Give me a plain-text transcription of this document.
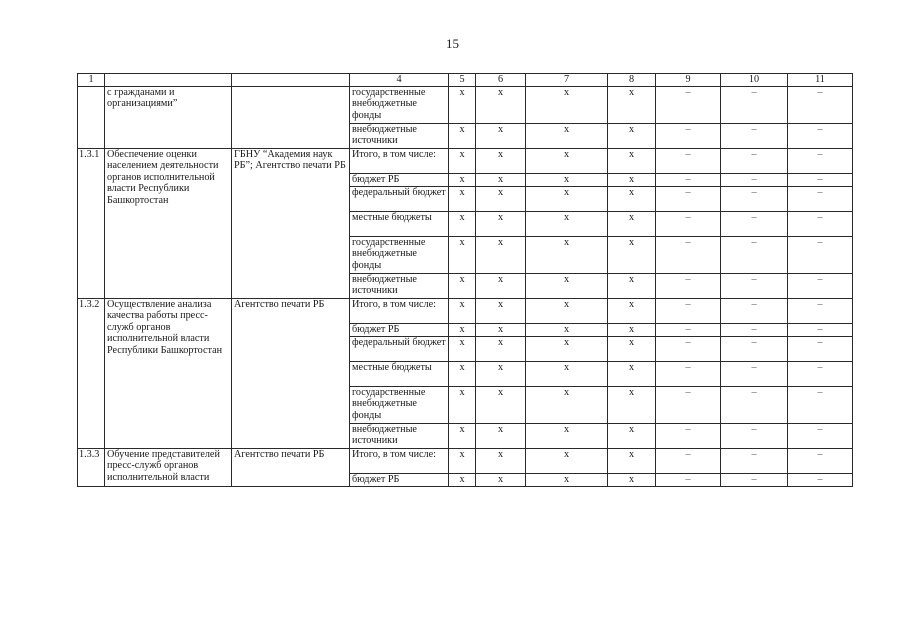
15
1			4	5	6	7	8	9	10	11
	с гражданами и организациями”		государственные внебюджетные фонды	x	x	x	x	–	–	–
			внебюджетные источники	x	x	x	x	–	–	–
1.3.1	Обеспечение оценки населением деятельности органов исполнительной власти Республики Башкортостан	ГБНУ “Академия наук РБ”; Агентство печати РБ	Итого, в том числе:	x	x	x	x	–	–	–
			бюджет РБ	x	x	x	x	–	–	–
			федеральный бюджет	x	x	x	x	–	–	–
			местные бюджеты	x	x	x	x	–	–	–
			государственные внебюджетные фонды	x	x	x	x	–	–	–
			внебюджетные источники	x	x	x	x	–	–	–
1.3.2	Осуществление анализа качества работы пресс-служб органов исполнительной власти Республики Башкортостан	Агентство печати РБ	Итого, в том числе:	x	x	x	x	–	–	–
			бюджет РБ	x	x	x	x	–	–	–
			федеральный бюджет	x	x	x	x	–	–	–
			местные бюджеты	x	x	x	x	–	–	–
			государственные внебюджетные фонды	x	x	x	x	–	–	–
			внебюджетные источники	x	x	x	x	–	–	–
1.3.3	Обучение представителей пресс-служб органов исполнительной власти	Агентство печати РБ	Итого, в том числе:	x	x	x	x	–	–	–
			бюджет РБ	x	x	x	x	–	–	–
